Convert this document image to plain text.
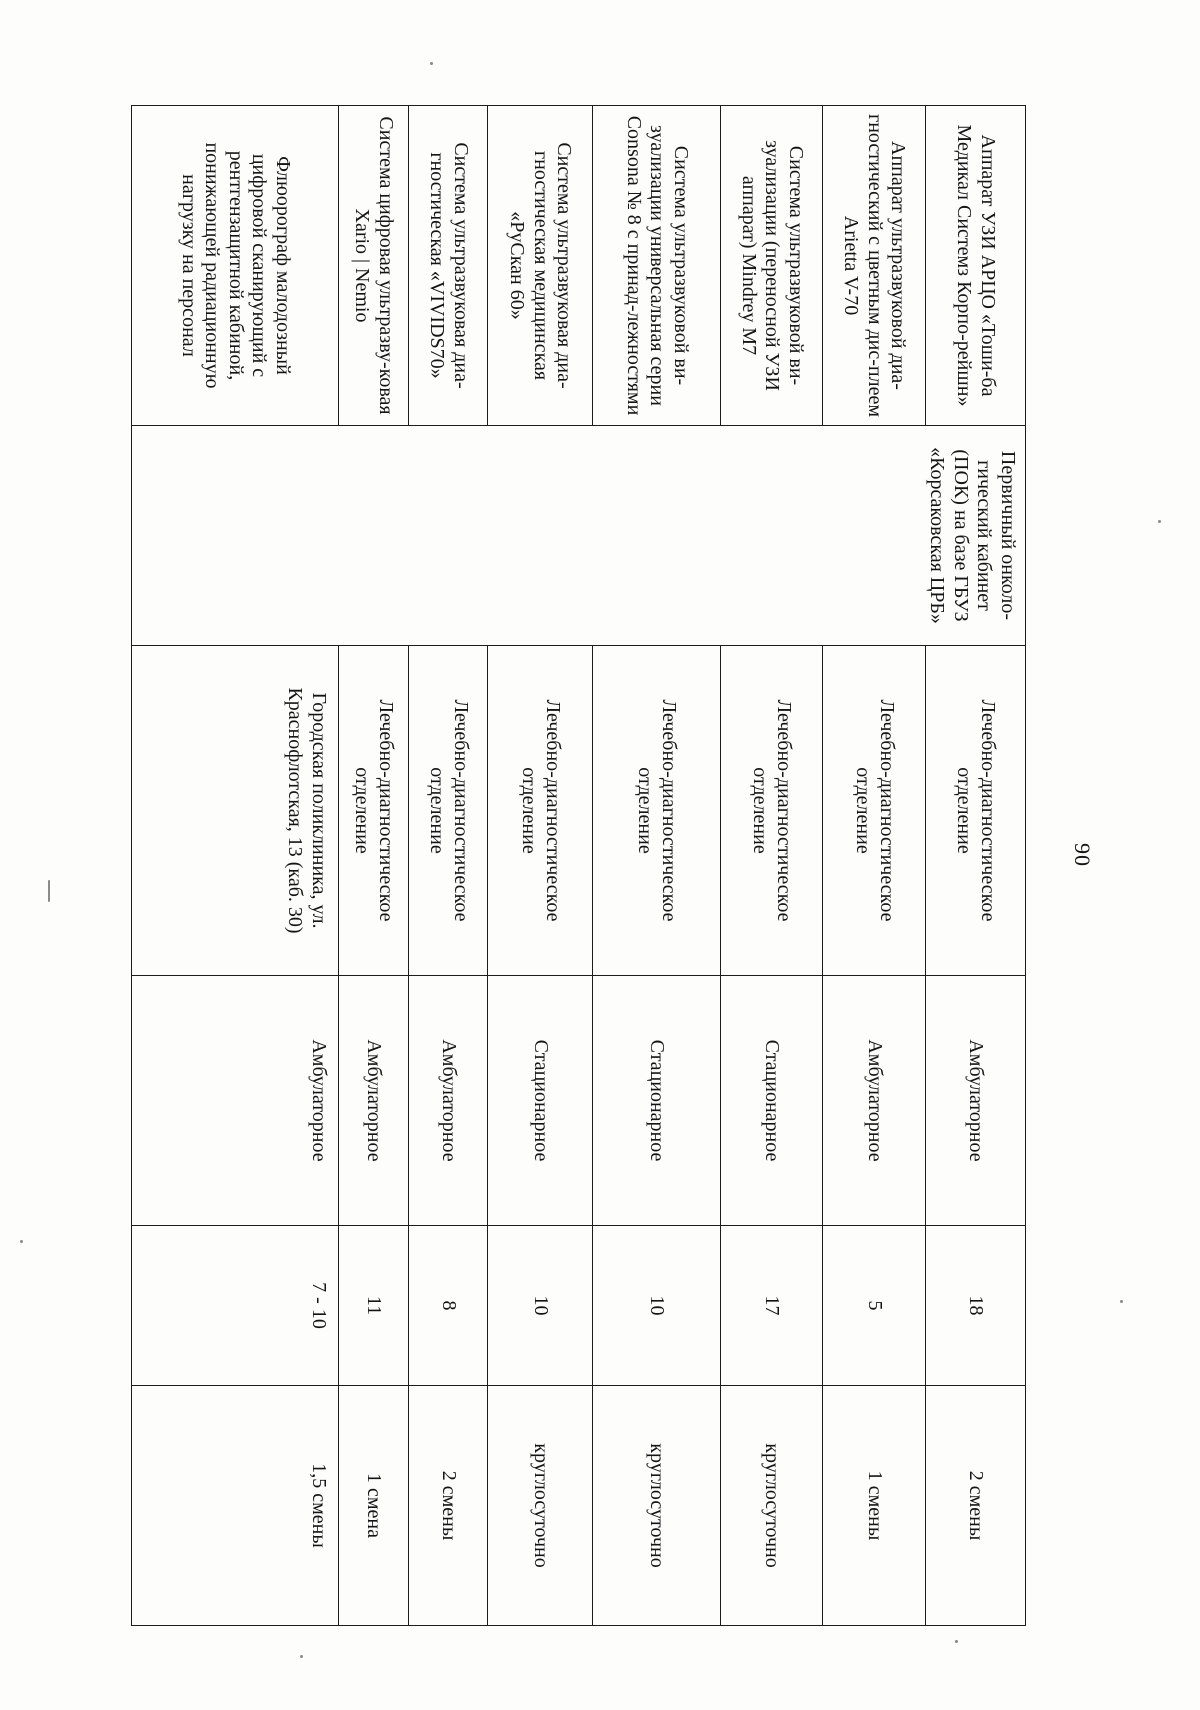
90
Аппарат УЗИ АРЦО «Тоши-ба Медикал Системз Корпо-рейшн»	Первичный онколо-гический кабинет (ПОК) на базе ГБУЗ «Корсаковская ЦРБ»	Лечебно-диагностическое отделение	Амбулаторное	18	2 смены
Аппарат ультразвуковой диа-гностический с цветным дис-плеем Arietta V-70		Лечебно-диагностическое отделение	Амбулаторное	5	1 смены
Система ультразвуковой ви-зуализации (переносной УЗИ аппарат) Mindrey M7		Лечебно-диагностическое отделение	Стационарное	17	круглосуточно
Система ультразвуковой ви-зуализации универсальная серии Consona № 8 с принад-лежностями		Лечебно-диагностическое отделение	Стационарное	10	круглосуточно
Система ультразвуковая диа-гностическая медицинская «РуСкан 60»		Лечебно-диагностическое отделение	Стационарное	10	круглосуточно
Система ультразвуковая диа-гностическая «VIVIDS70»		Лечебно-диагностическое отделение	Амбулаторное	8	2 смены
Система цифровая ультразву-ковая Xario | Nemio		Лечебно-диагностическое отделение	Амбулаторное	11	1 смена
Флюорограф малодозный цифровой сканирующий с рентгензащитной кабиной, понижающей радиационную нагрузку на персонал		Городская поликлиника, ул. Краснофлотская, 13 (каб. 30)	Амбулаторное	7 - 10	1,5 смены
